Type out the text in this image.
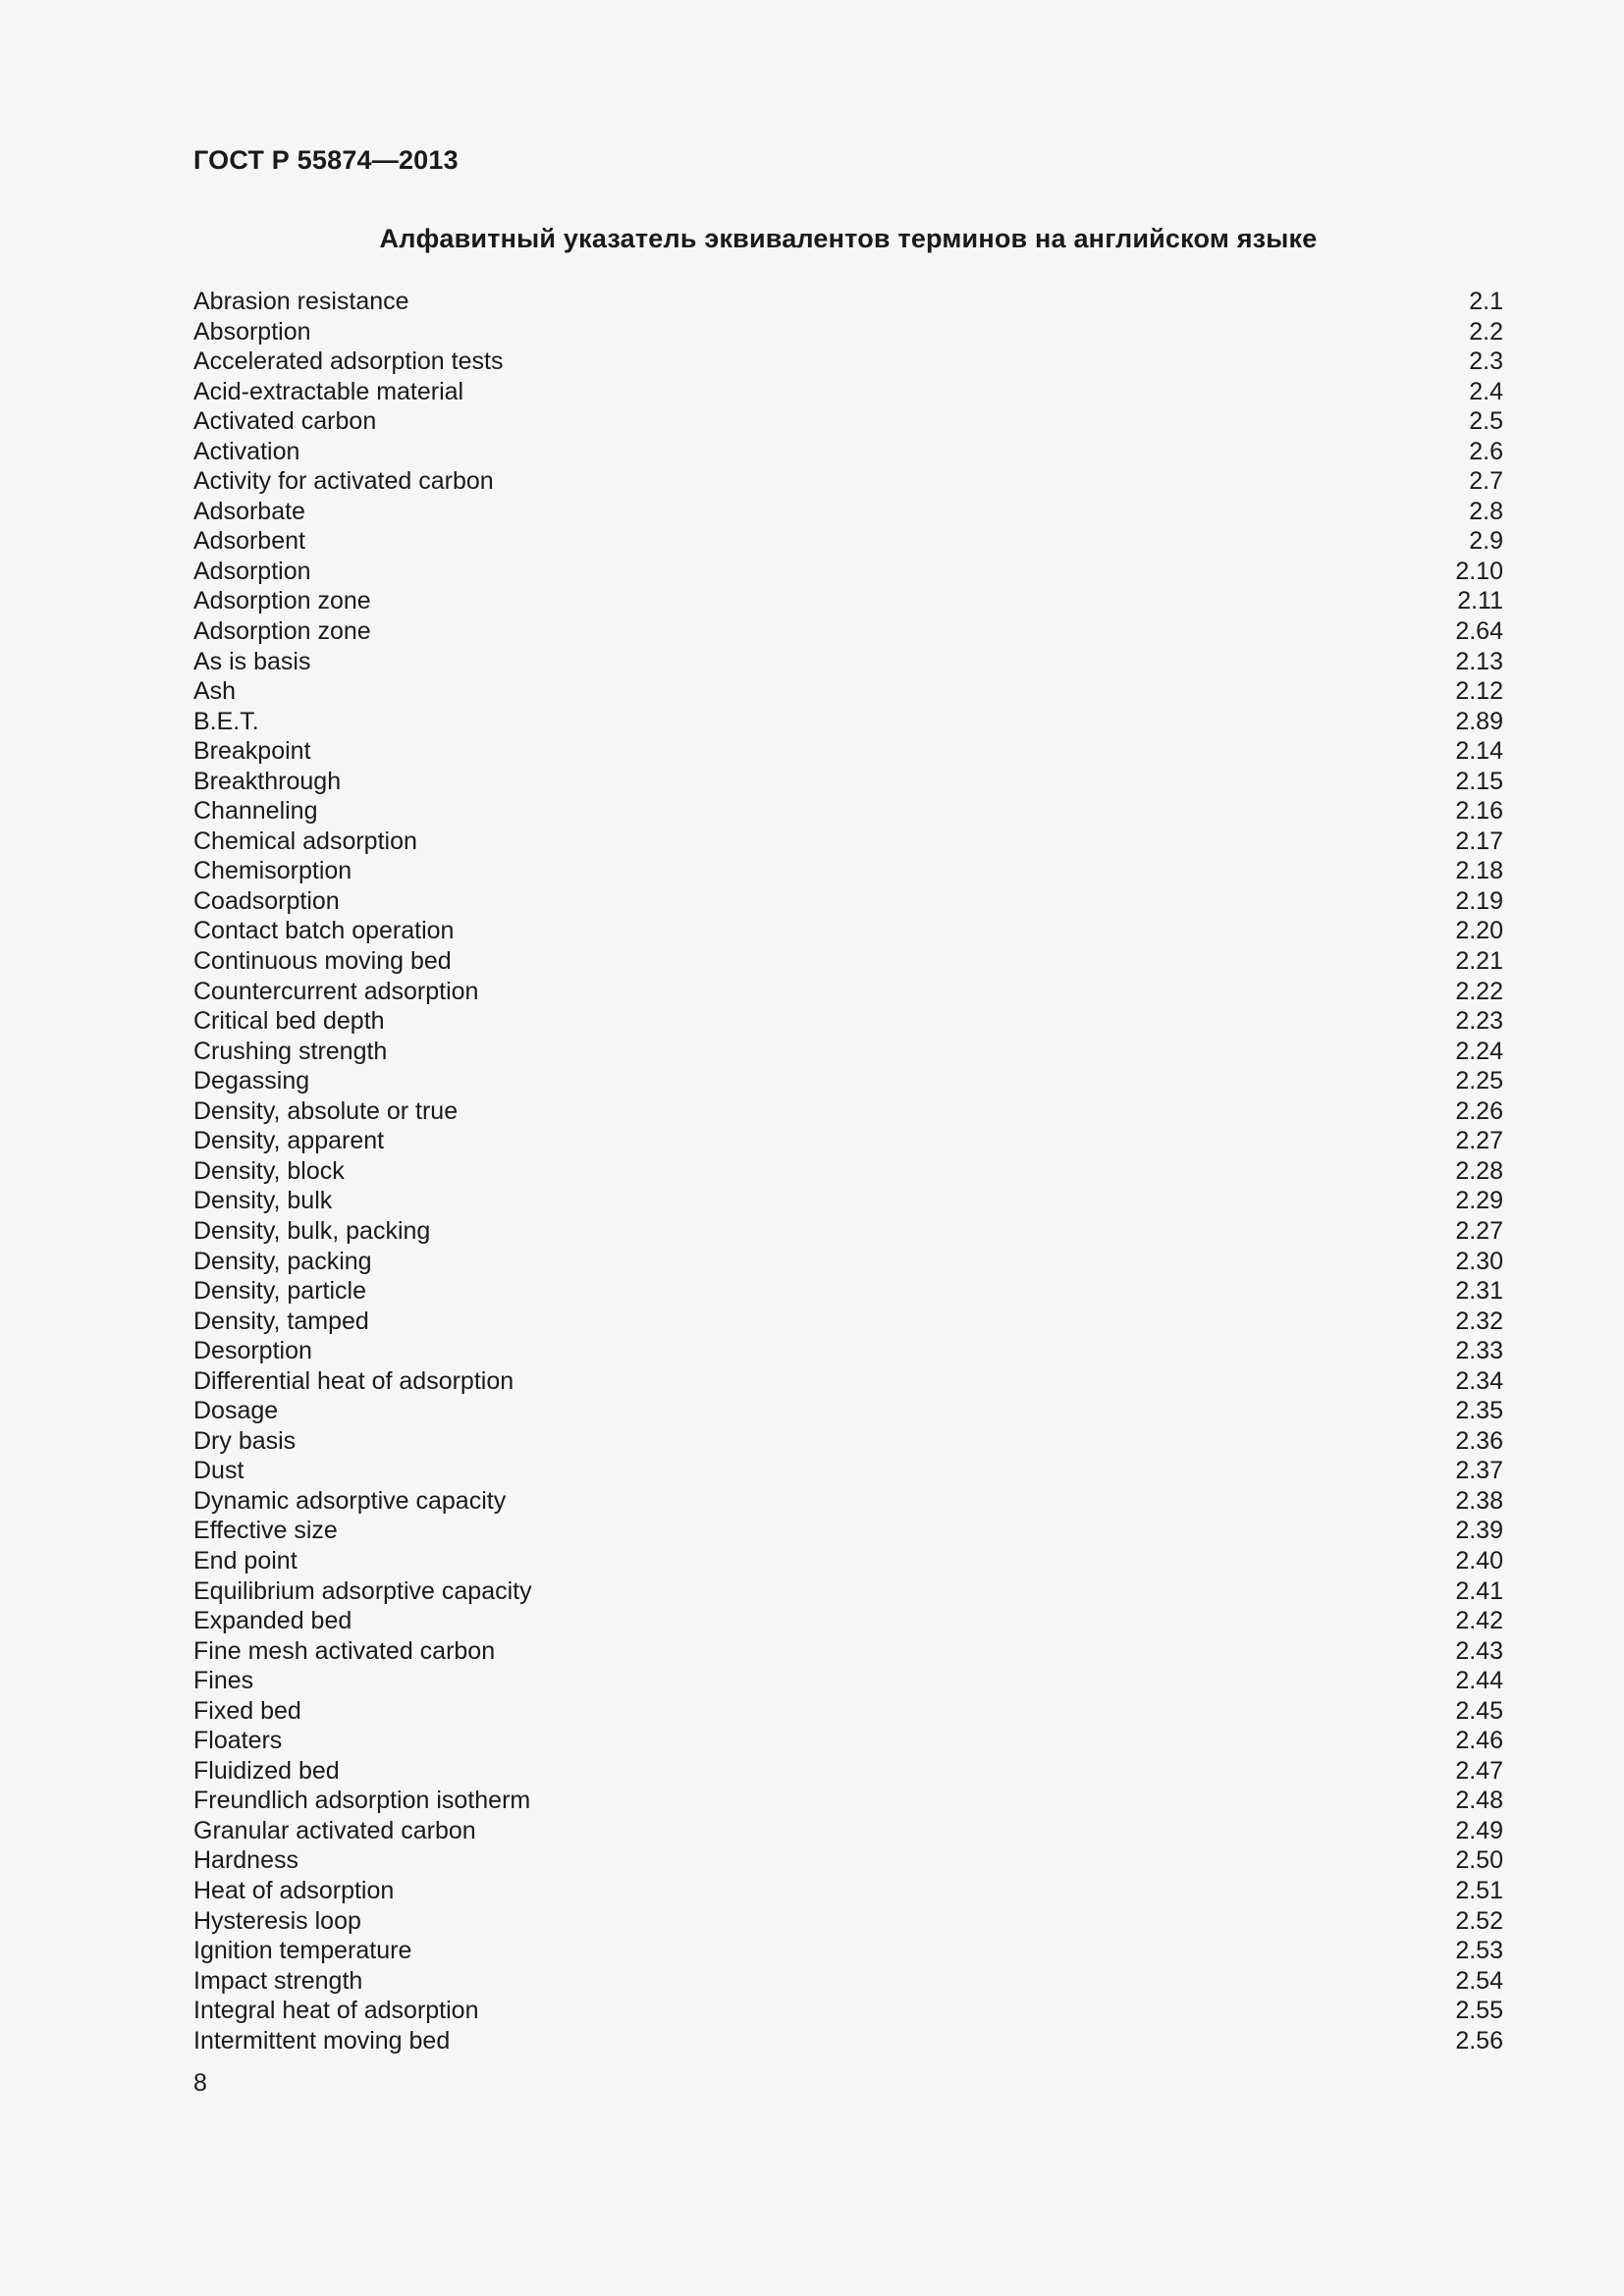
ГОСТ Р 55874—2013
Алфавитный указатель эквивалентов терминов на английском языке
Abrasion resistance	2.1
Absorption	2.2
Accelerated adsorption tests	2.3
Acid-extractable material	2.4
Activated carbon	2.5
Activation	2.6
Activity for activated carbon	2.7
Adsorbate	2.8
Adsorbent	2.9
Adsorption	2.10
Adsorption zone	2.11
Adsorption zone	2.64
As is basis	2.13
Ash	2.12
B.E.T.	2.89
Breakpoint	2.14
Breakthrough	2.15
Channeling	2.16
Chemical adsorption	2.17
Chemisorption	2.18
Coadsorption	2.19
Contact batch operation	2.20
Continuous moving bed	2.21
Countercurrent adsorption	2.22
Critical bed depth	2.23
Crushing strength	2.24
Degassing	2.25
Density, absolute or true	2.26
Density, apparent	2.27
Density, block	2.28
Density, bulk	2.29
Density, bulk, packing	2.27
Density, packing	2.30
Density, particle	2.31
Density, tamped	2.32
Desorption	2.33
Differential heat of adsorption	2.34
Dosage	2.35
Dry basis	2.36
Dust	2.37
Dynamic adsorptive capacity	2.38
Effective size	2.39
End point	2.40
Equilibrium adsorptive capacity	2.41
Expanded bed	2.42
Fine mesh activated carbon	2.43
Fines	2.44
Fixed bed	2.45
Floaters	2.46
Fluidized bed	2.47
Freundlich adsorption isotherm	2.48
Granular activated carbon	2.49
Hardness	2.50
Heat of adsorption	2.51
Hysteresis loop	2.52
Ignition temperature	2.53
Impact strength	2.54
Integral heat of adsorption	2.55
Intermittent moving bed	2.56
8
